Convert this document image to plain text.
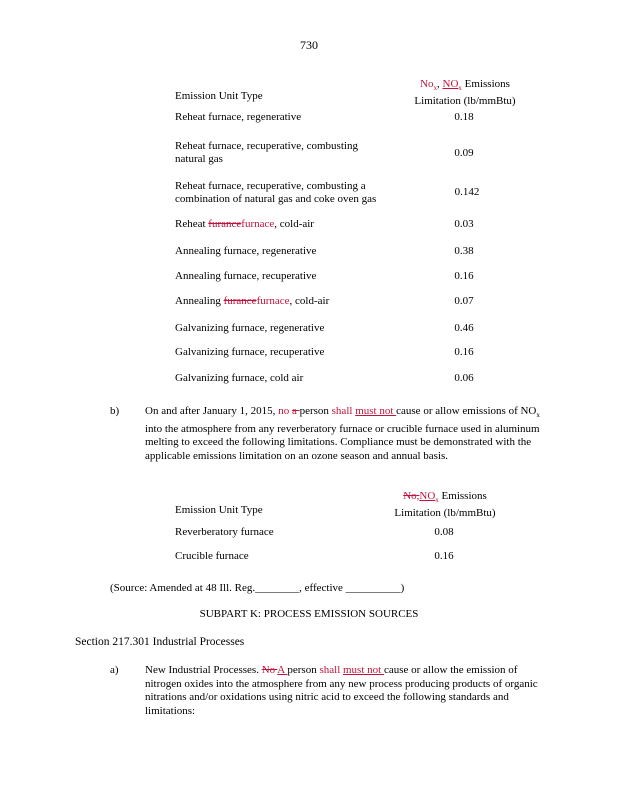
730
Emission Unit Type
$No_x$, $NO_x$ Emissions
Limitation (lb/mmBtu)
Reheat furnace, regenerative	0.18
Reheat furnace, recuperative, combusting
natural gas	0.09
Reheat furnace, recuperative, combusting a
combination of natural gas and coke oven gas
0.142
Reheat furancefurnace, cold-air	0.03
Annealing furnace, regenerative	0.38
Annealing furnace, recuperative	0.16
Annealing furancefurnace, cold-air	0.07
Galvanizing furnace, regenerative	0.46
Galvanizing furnace, recuperative	0.16
Galvanizing furnace, cold air	0.06
b) On and after January 1, 2015, no a person shall must not cause or allow emissions of $NO_x$ into the atmosphere from any reverberatory furnace or crucible furnace used in aluminum melting to exceed the following limitations. Compliance must be demonstrated with the applicable emissions limitation on an ozone season and annual basis.

Emission Unit Type
$No,NO_x$ Emissions
Limitation (lb/mmBtu)
Reverberatory furnace	0.08
Crucible furnace	0.16
(Source: Amended at 48 Ill. Reg.________, effective __________)
SUBPART K: PROCESS EMISSION SOURCES
Section 217.301 Industrial Processes
a) New Industrial Processes. No A person shall must not cause or allow the emission of nitrogen oxides into the atmosphere from any new process producing products of organic nitrations and/or oxidations using nitric acid to exceed the following standards and limitations:
